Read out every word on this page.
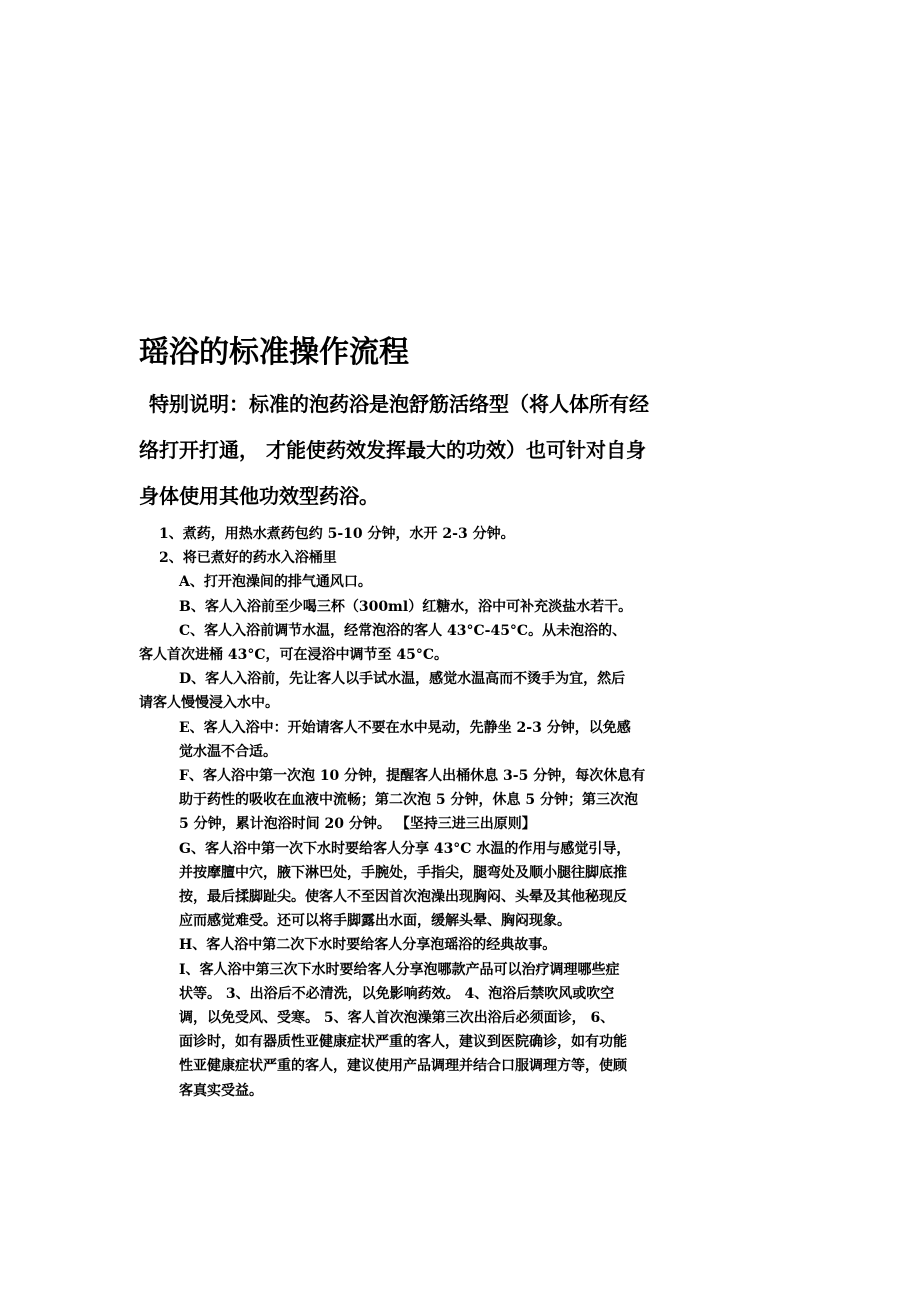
瑶浴的标准操作流程
特别说明：标准的泡药浴是泡舒筋活络型（将人体所有经
络打开打通， 才能使药效发挥最大的功效）也可针对自身
身体使用其他功效型药浴。
1、煮药，用热水煮药包约 5-10 分钟，水开 2-3 分钟。
2、将已煮好的药水入浴桶里
A、打开泡澡间的排气通风口。
B、客人入浴前至少喝三杯（300ml）红糖水，浴中可补充淡盐水若干。
C、客人入浴前调节水温，经常泡浴的客人 43°C-45°C。从未泡浴的、
客人首次进桶 43°C，可在浸浴中调节至 45°C。
D、客人入浴前，先让客人以手试水温，感觉水温高而不烫手为宜，然后
请客人慢慢浸入水中。
E、客人入浴中：开始请客人不要在水中晃动，先静坐 2-3 分钟，以免感
觉水温不合适。
F、客人浴中第一次泡 10 分钟，提醒客人出桶休息 3-5 分钟，每次休息有
助于药性的吸收在血液中流畅；第二次泡 5 分钟，休息 5 分钟；第三次泡
5 分钟，累计泡浴时间 20 分钟。 【坚持三进三出原则】
G、客人浴中第一次下水时要给客人分享 43°C 水温的作用与感觉引导，
并按摩膻中穴，腋下淋巴处，手腕处，手指尖，腿弯处及顺小腿往脚底推
按，最后揉脚趾尖。使客人不至因首次泡澡出现胸闷、头晕及其他秘现反
应而感觉难受。还可以将手脚露出水面，缓解头晕、胸闷现象。
H、客人浴中第二次下水时要给客人分享泡瑶浴的经典故事。
I、客人浴中第三次下水时要给客人分享泡哪款产品可以治疗调理哪些症
状等。 3、出浴后不必清洗，以免影响药效。 4、泡浴后禁吹风或吹空
调，以免受风、受寒。 5、客人首次泡澡第三次出浴后必须面诊， 6、
面诊时，如有器质性亚健康症状严重的客人，建议到医院确诊，如有功能
性亚健康症状严重的客人，建议使用产品调理并结合口服调理方等，使顾
客真实受益。
